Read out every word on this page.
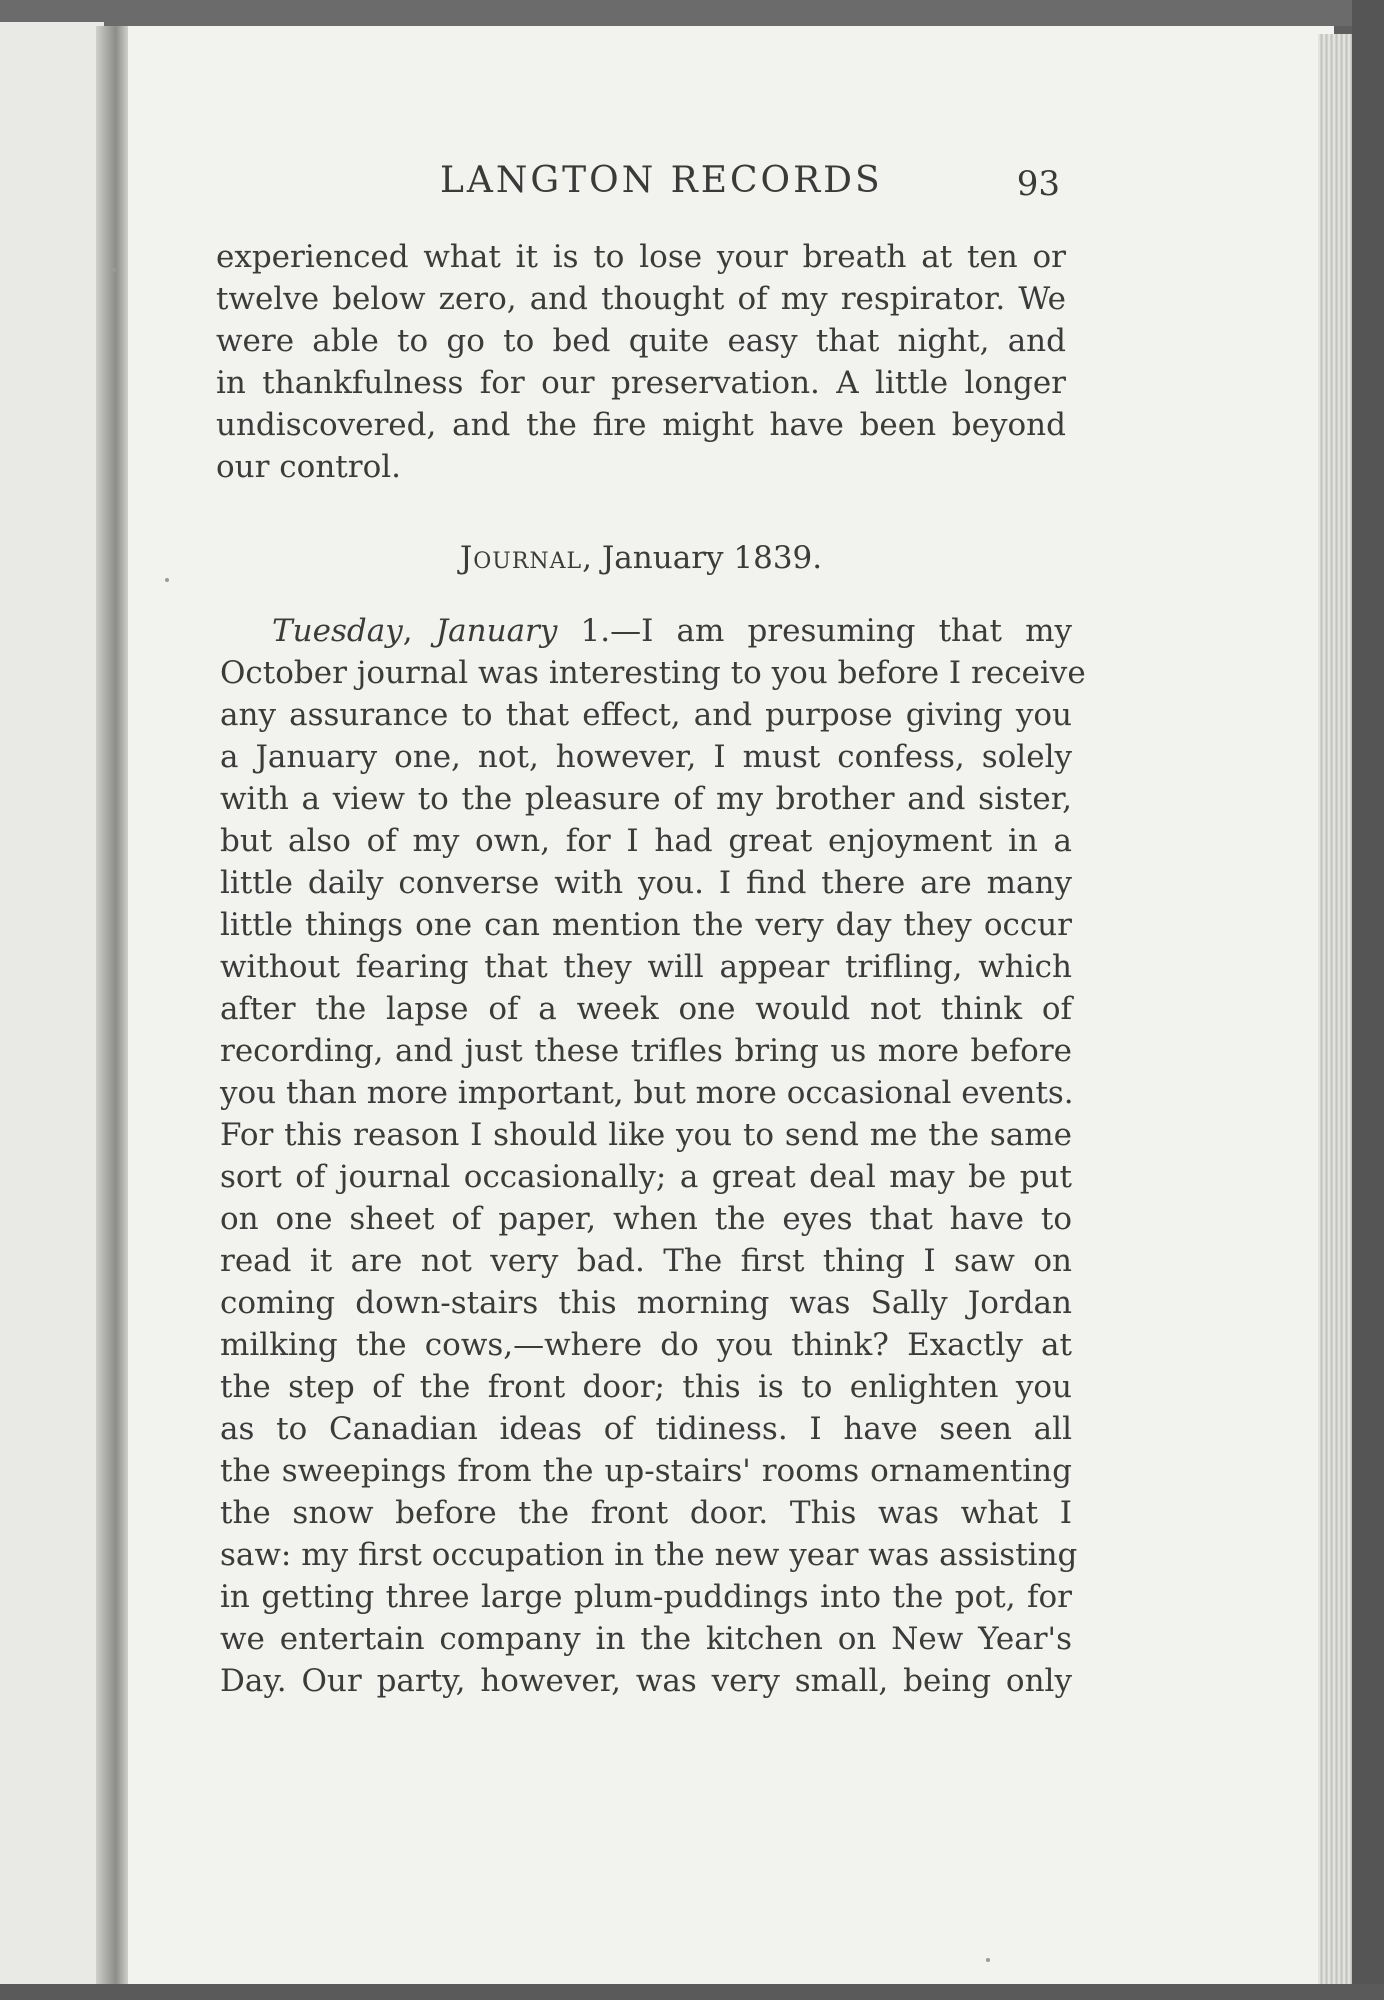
LANGTON RECORDS	93
experienced what it is to lose your breath at ten or
twelve below zero, and thought of my respirator. We
were able to go to bed quite easy that night, and
in thankfulness for our preservation. A little longer
undiscovered, and the fire might have been beyond
our control.
Journal, January 1839.
Tuesday, January 1.—I am presuming that my
October journal was interesting to you before I receive
any assurance to that effect, and purpose giving you
a January one, not, however, I must confess, solely
with a view to the pleasure of my brother and sister,
but also of my own, for I had great enjoyment in a
little daily converse with you. I find there are many
little things one can mention the very day they occur
without fearing that they will appear trifling, which
after the lapse of a week one would not think of
recording, and just these trifles bring us more before
you than more important, but more occasional events.
For this reason I should like you to send me the same
sort of journal occasionally; a great deal may be put
on one sheet of paper, when the eyes that have to
read it are not very bad. The first thing I saw on
coming down-stairs this morning was Sally Jordan
milking the cows,—where do you think? Exactly at
the step of the front door; this is to enlighten you
as to Canadian ideas of tidiness. I have seen all
the sweepings from the up-stairs' rooms ornamenting
the snow before the front door. This was what I
saw: my first occupation in the new year was assisting
in getting three large plum-puddings into the pot, for
we entertain company in the kitchen on New Year's
Day. Our party, however, was very small, being only
